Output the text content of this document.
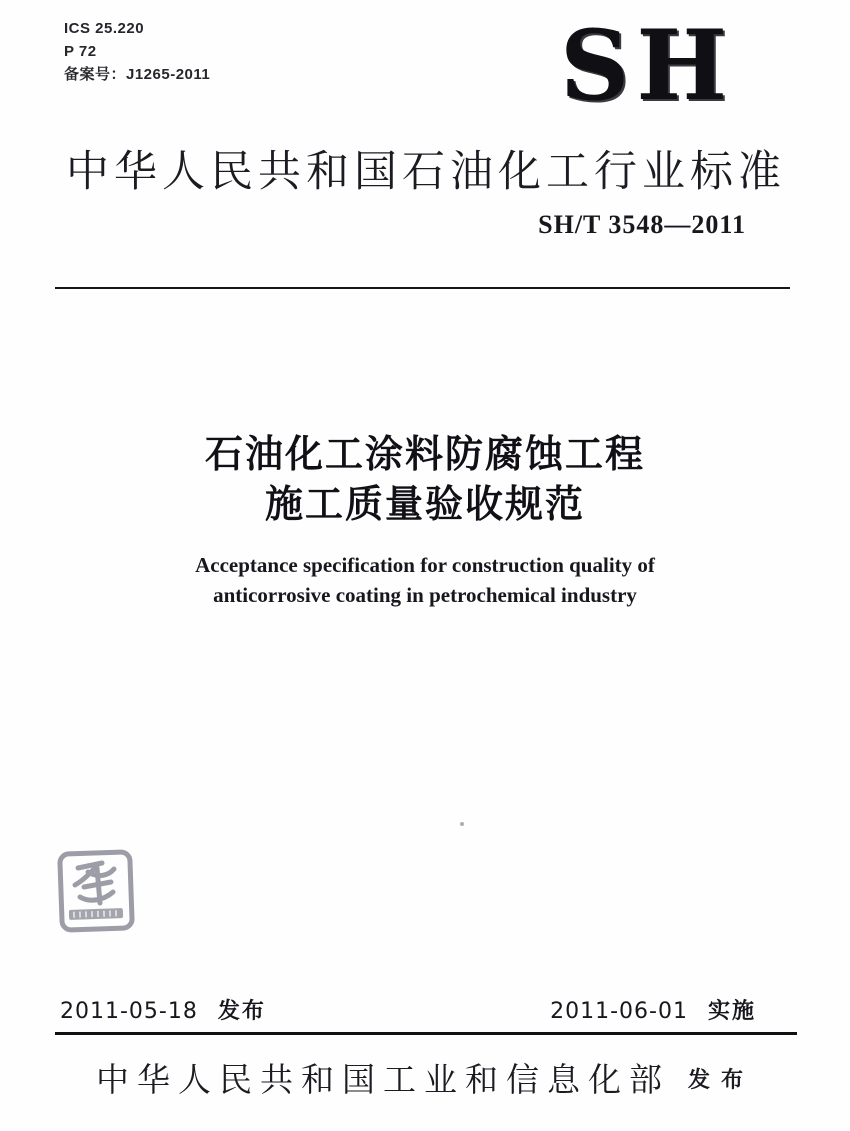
ICS 25.220
P 72
备案号：J1265-2011	SH
中华人民共和国石油化工行业标准
SH/T 3548—2011
石油化工涂料防腐蚀工程
施工质量验收规范
Acceptance specification for construction quality of
anticorrosive coating in petrochemical industry
2011-05-18 发布	2011-06-01 实施
中华人民共和国工业和信息化部 发布
